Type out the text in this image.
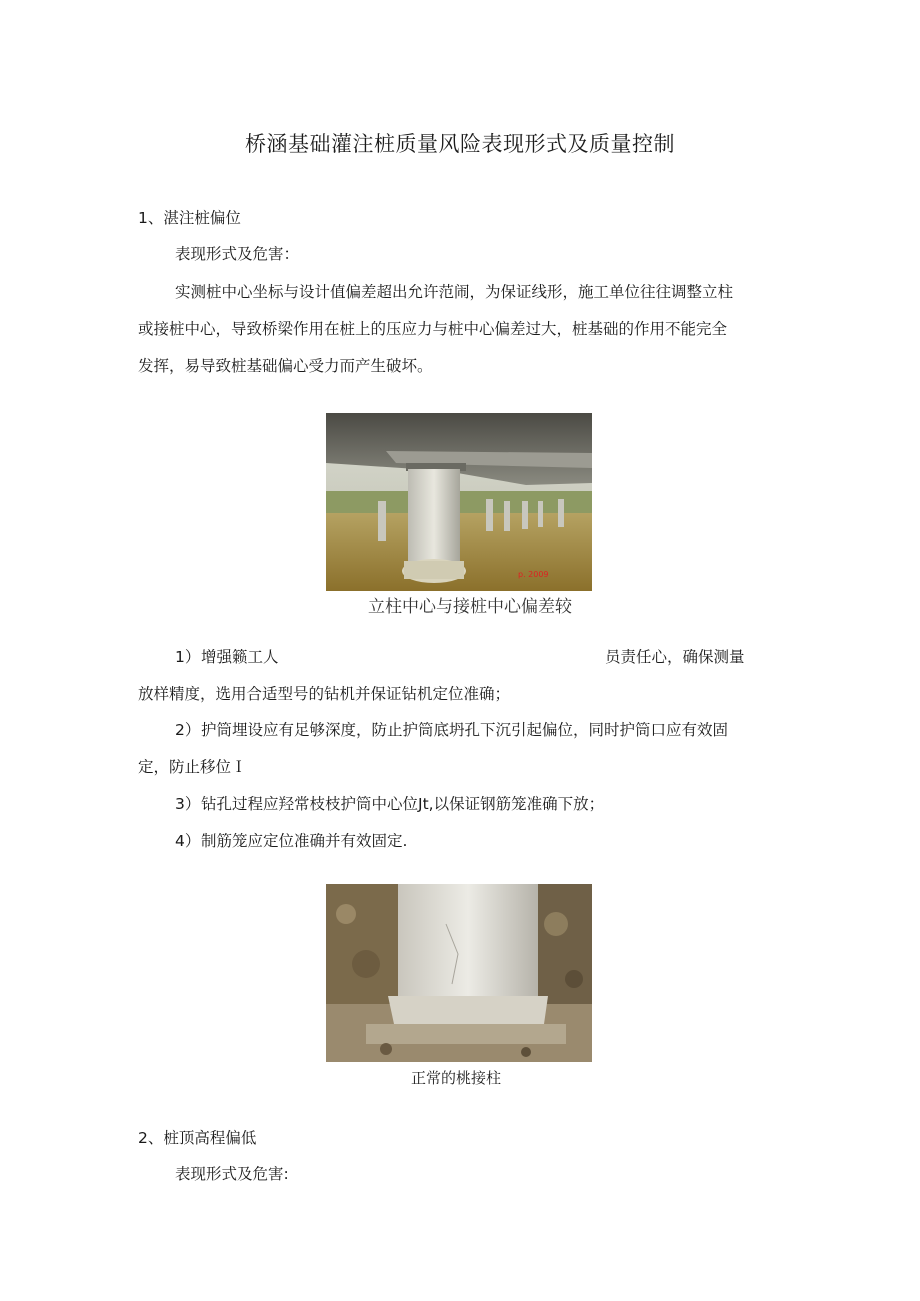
桥涵基础灌注桩质量风险表现形式及质量控制
1、湛注桩偏位
表现形式及危害：
实测桩中心坐标与设计值偏差超出允许范闹，为保证线形，施工单位往往调整立柱
或接桩中心，导致桥梁作用在桩上的压应力与桩中心偏差过大，桩基础的作用不能完全
发挥，易导致桩基础偏心受力而产生破坏。
p. 2009
立柱中心与接桩中心偏差较
1） 增强籁工人	员责任心，确保测量
放样精度，选用合适型号的钻机并保证钻机定位准确；
2） 护筒埋设应有足够深度，防止护筒底坍孔下沉引起偏位，同时护筒口应有效固
定，防止移位Ｉ
3） 钻孔过程应羟常枝枝护筒中心位Jt,以保证钢筋笼准确下放；
4） 制筋笼应定位准确并有效固定.
正常的桃接柱
2、桩顶高程偏低
表现形式及危害:
